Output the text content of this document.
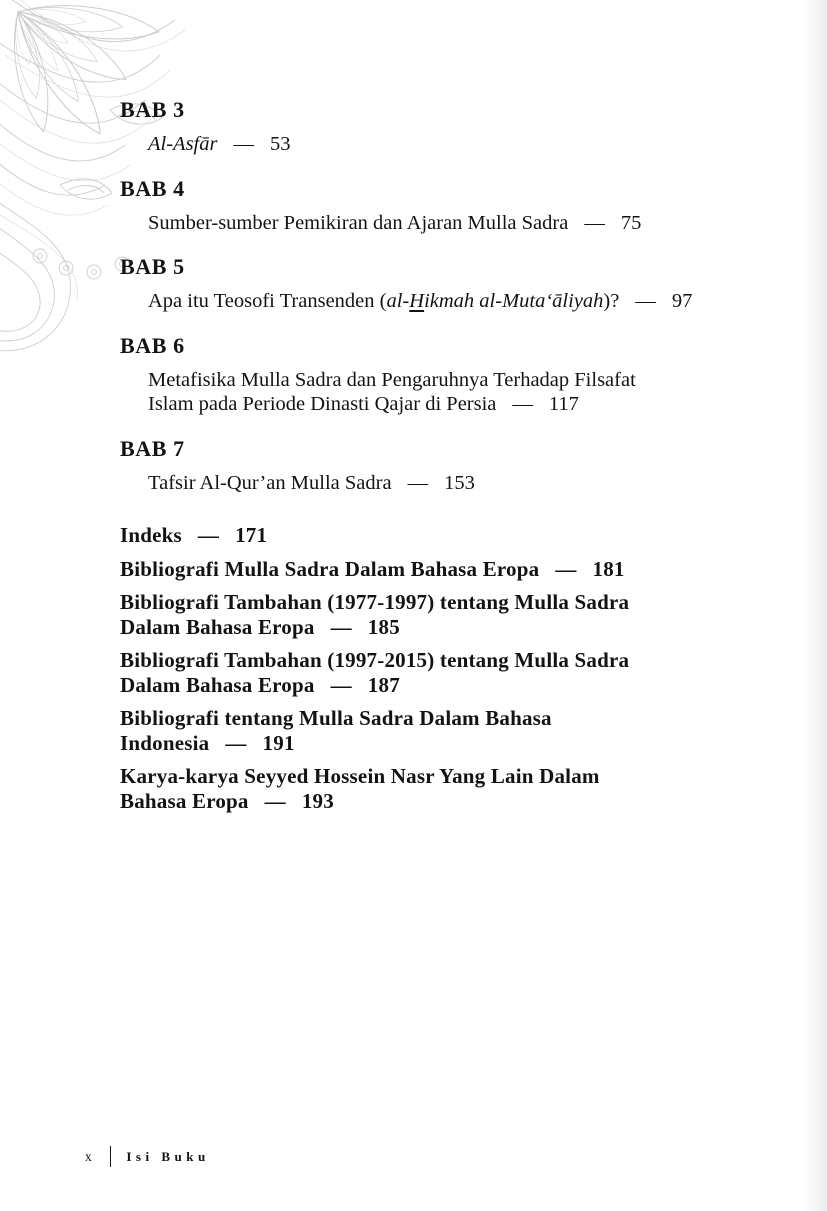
BAB 3
Al-Asfār — 53
BAB 4
Sumber-sumber Pemikiran dan Ajaran Mulla Sadra — 75
BAB 5
Apa itu Teosofi Transenden (al-Hikmah al-Muta‘āliyah)? — 97
BAB 6
Metafisika Mulla Sadra dan Pengaruhnya Terhadap Filsafat
Islam pada Periode Dinasti Qajar di Persia — 117
BAB 7
Tafsir Al-Qur’an Mulla Sadra — 153
Indeks — 171
Bibliografi Mulla Sadra Dalam Bahasa Eropa — 181
Bibliografi Tambahan (1977-1997) tentang Mulla Sadra
Dalam Bahasa Eropa — 185
Bibliografi Tambahan (1997-2015) tentang Mulla Sadra
Dalam Bahasa Eropa — 187
Bibliografi tentang Mulla Sadra Dalam Bahasa
Indonesia — 191
Karya-karya Seyyed Hossein Nasr Yang Lain Dalam
Bahasa Eropa — 193
x	Isi Buku
